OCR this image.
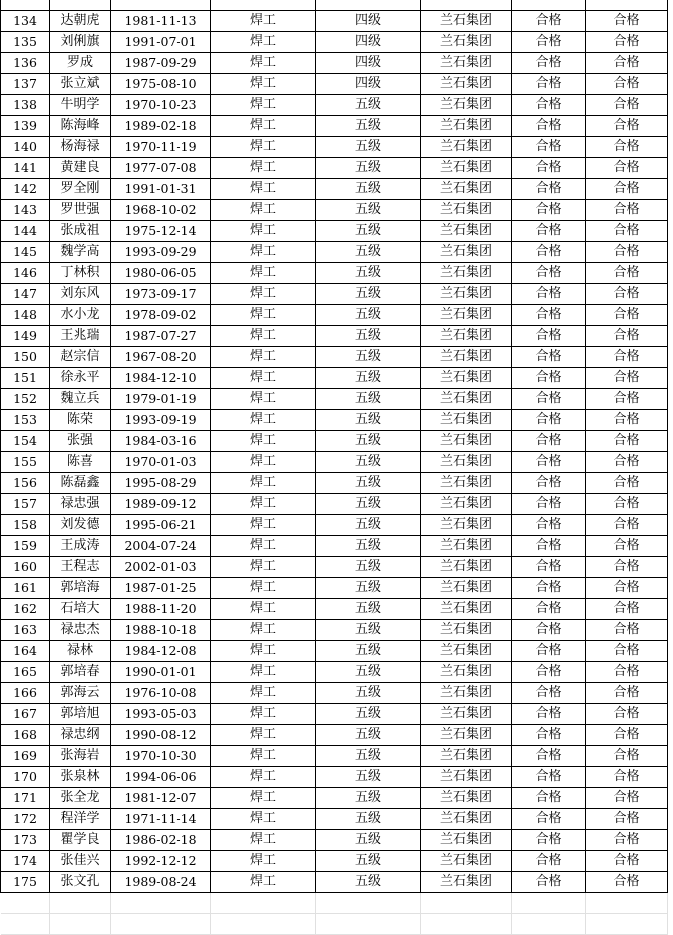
134	达朝虎	1981-11-13	焊工	四级	兰石集团	合格	合格
135	刘俐旗	1991-07-01	焊工	四级	兰石集团	合格	合格
136	罗成	1987-09-29	焊工	四级	兰石集团	合格	合格
137	张立斌	1975-08-10	焊工	四级	兰石集团	合格	合格
138	牛明学	1970-10-23	焊工	五级	兰石集团	合格	合格
139	陈海峰	1989-02-18	焊工	五级	兰石集团	合格	合格
140	杨海禄	1970-11-19	焊工	五级	兰石集团	合格	合格
141	黄建良	1977-07-08	焊工	五级	兰石集团	合格	合格
142	罗全刚	1991-01-31	焊工	五级	兰石集团	合格	合格
143	罗世强	1968-10-02	焊工	五级	兰石集团	合格	合格
144	张成祖	1975-12-14	焊工	五级	兰石集团	合格	合格
145	魏学高	1993-09-29	焊工	五级	兰石集团	合格	合格
146	丁林积	1980-06-05	焊工	五级	兰石集团	合格	合格
147	刘东风	1973-09-17	焊工	五级	兰石集团	合格	合格
148	水小龙	1978-09-02	焊工	五级	兰石集团	合格	合格
149	王兆瑞	1987-07-27	焊工	五级	兰石集团	合格	合格
150	赵宗信	1967-08-20	焊工	五级	兰石集团	合格	合格
151	徐永平	1984-12-10	焊工	五级	兰石集团	合格	合格
152	魏立兵	1979-01-19	焊工	五级	兰石集团	合格	合格
153	陈荣	1993-09-19	焊工	五级	兰石集团	合格	合格
154	张强	1984-03-16	焊工	五级	兰石集团	合格	合格
155	陈喜	1970-01-03	焊工	五级	兰石集团	合格	合格
156	陈磊鑫	1995-08-29	焊工	五级	兰石集团	合格	合格
157	禄忠强	1989-09-12	焊工	五级	兰石集团	合格	合格
158	刘发德	1995-06-21	焊工	五级	兰石集团	合格	合格
159	王成涛	2004-07-24	焊工	五级	兰石集团	合格	合格
160	王程志	2002-01-03	焊工	五级	兰石集团	合格	合格
161	郭培海	1987-01-25	焊工	五级	兰石集团	合格	合格
162	石培大	1988-11-20	焊工	五级	兰石集团	合格	合格
163	禄忠杰	1988-10-18	焊工	五级	兰石集团	合格	合格
164	禄林	1984-12-08	焊工	五级	兰石集团	合格	合格
165	郭培春	1990-01-01	焊工	五级	兰石集团	合格	合格
166	郭海云	1976-10-08	焊工	五级	兰石集团	合格	合格
167	郭培旭	1993-05-03	焊工	五级	兰石集团	合格	合格
168	禄忠纲	1990-08-12	焊工	五级	兰石集团	合格	合格
169	张海岩	1970-10-30	焊工	五级	兰石集团	合格	合格
170	张泉林	1994-06-06	焊工	五级	兰石集团	合格	合格
171	张全龙	1981-12-07	焊工	五级	兰石集团	合格	合格
172	程洋学	1971-11-14	焊工	五级	兰石集团	合格	合格
173	瞿学良	1986-02-18	焊工	五级	兰石集团	合格	合格
174	张佳兴	1992-12-12	焊工	五级	兰石集团	合格	合格
175	张文孔	1989-08-24	焊工	五级	兰石集团	合格	合格
